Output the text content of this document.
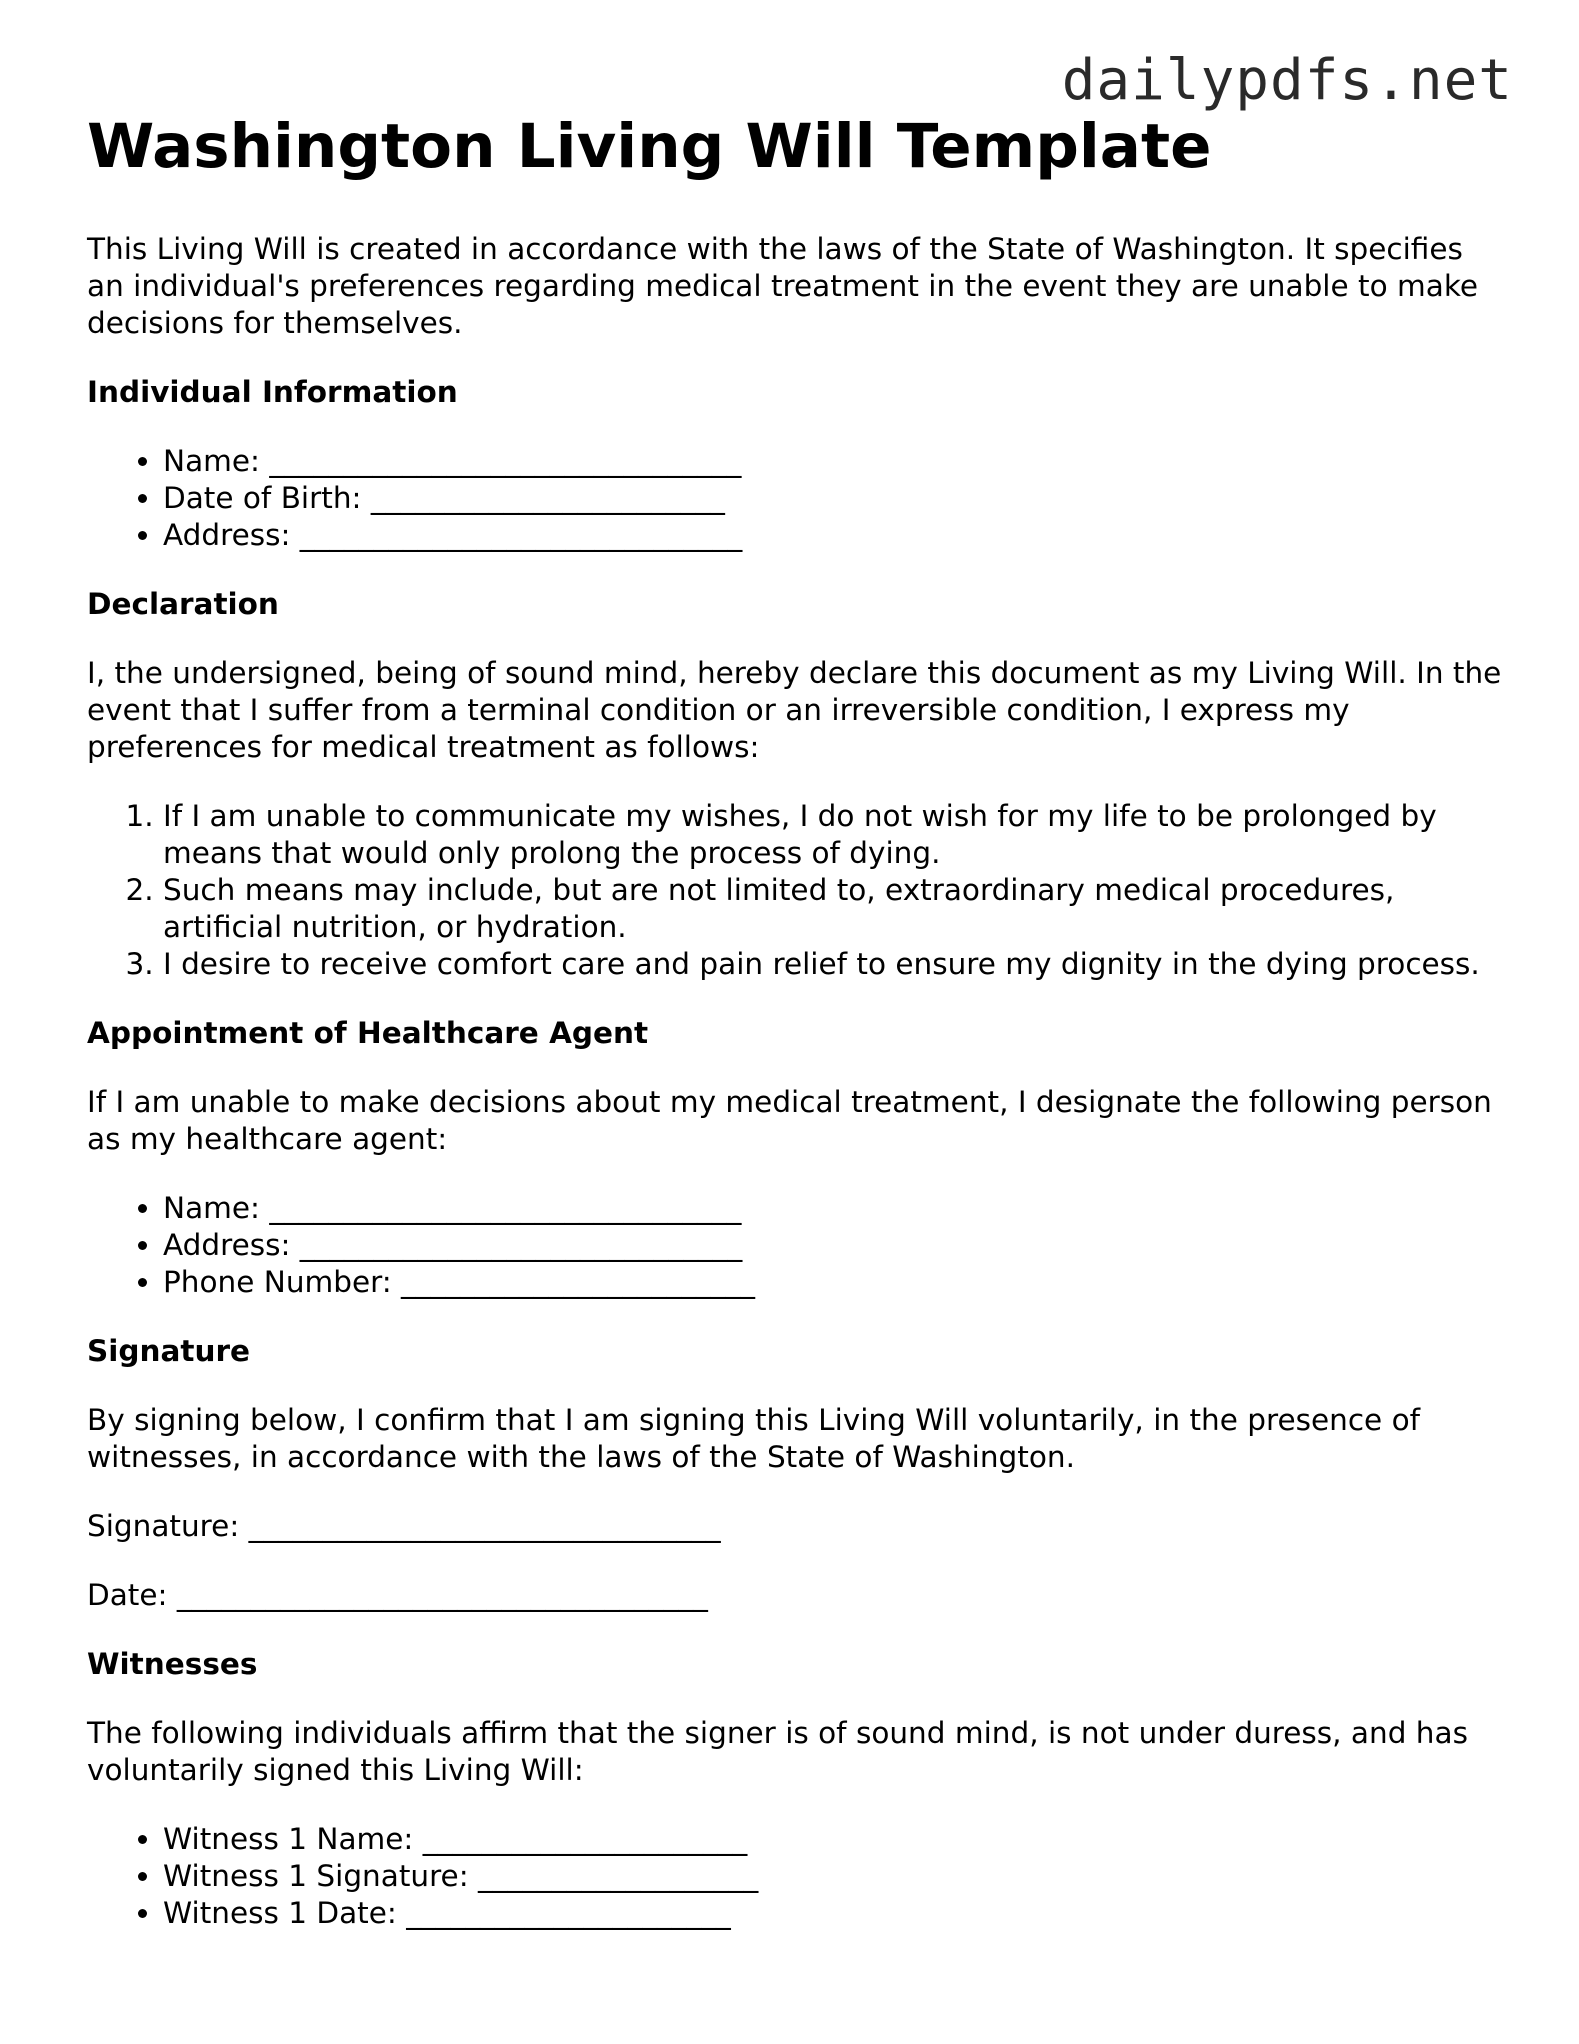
dailypdfs.net
Washington Living Will Template

This Living Will is created in accordance with the laws of the State of Washington. It specifies an individual's preferences regarding medical treatment in the event they are unable to make decisions for themselves.

Individual Information
• Name: ________________________________
• Date of Birth: ________________________
• Address: ______________________________
Declaration

I, the undersigned, being of sound mind, hereby declare this document as my Living Will. In the event that I suffer from a terminal condition or an irreversible condition, I express my preferences for medical treatment as follows:

1. If I am unable to communicate my wishes, I do not wish for my life to be prolonged by means that would only prolong the process of dying.
2. Such means may include, but are not limited to, extraordinary medical procedures, artificial nutrition, or hydration.
3. I desire to receive comfort care and pain relief to ensure my dignity in the dying process.
Appointment of Healthcare Agent

If I am unable to make decisions about my medical treatment, I designate the following person as my healthcare agent:

• Name: ________________________________
• Address: ______________________________
• Phone Number: ________________________
Signature

By signing below, I confirm that I am signing this Living Will voluntarily, in the presence of witnesses, in accordance with the laws of the State of Washington.

Signature: ________________________________

Date: ____________________________________

Witnesses

The following individuals affirm that the signer is of sound mind, is not under duress, and has voluntarily signed this Living Will:

• Witness 1 Name: ______________________
• Witness 1 Signature: ___________________
• Witness 1 Date: ______________________
